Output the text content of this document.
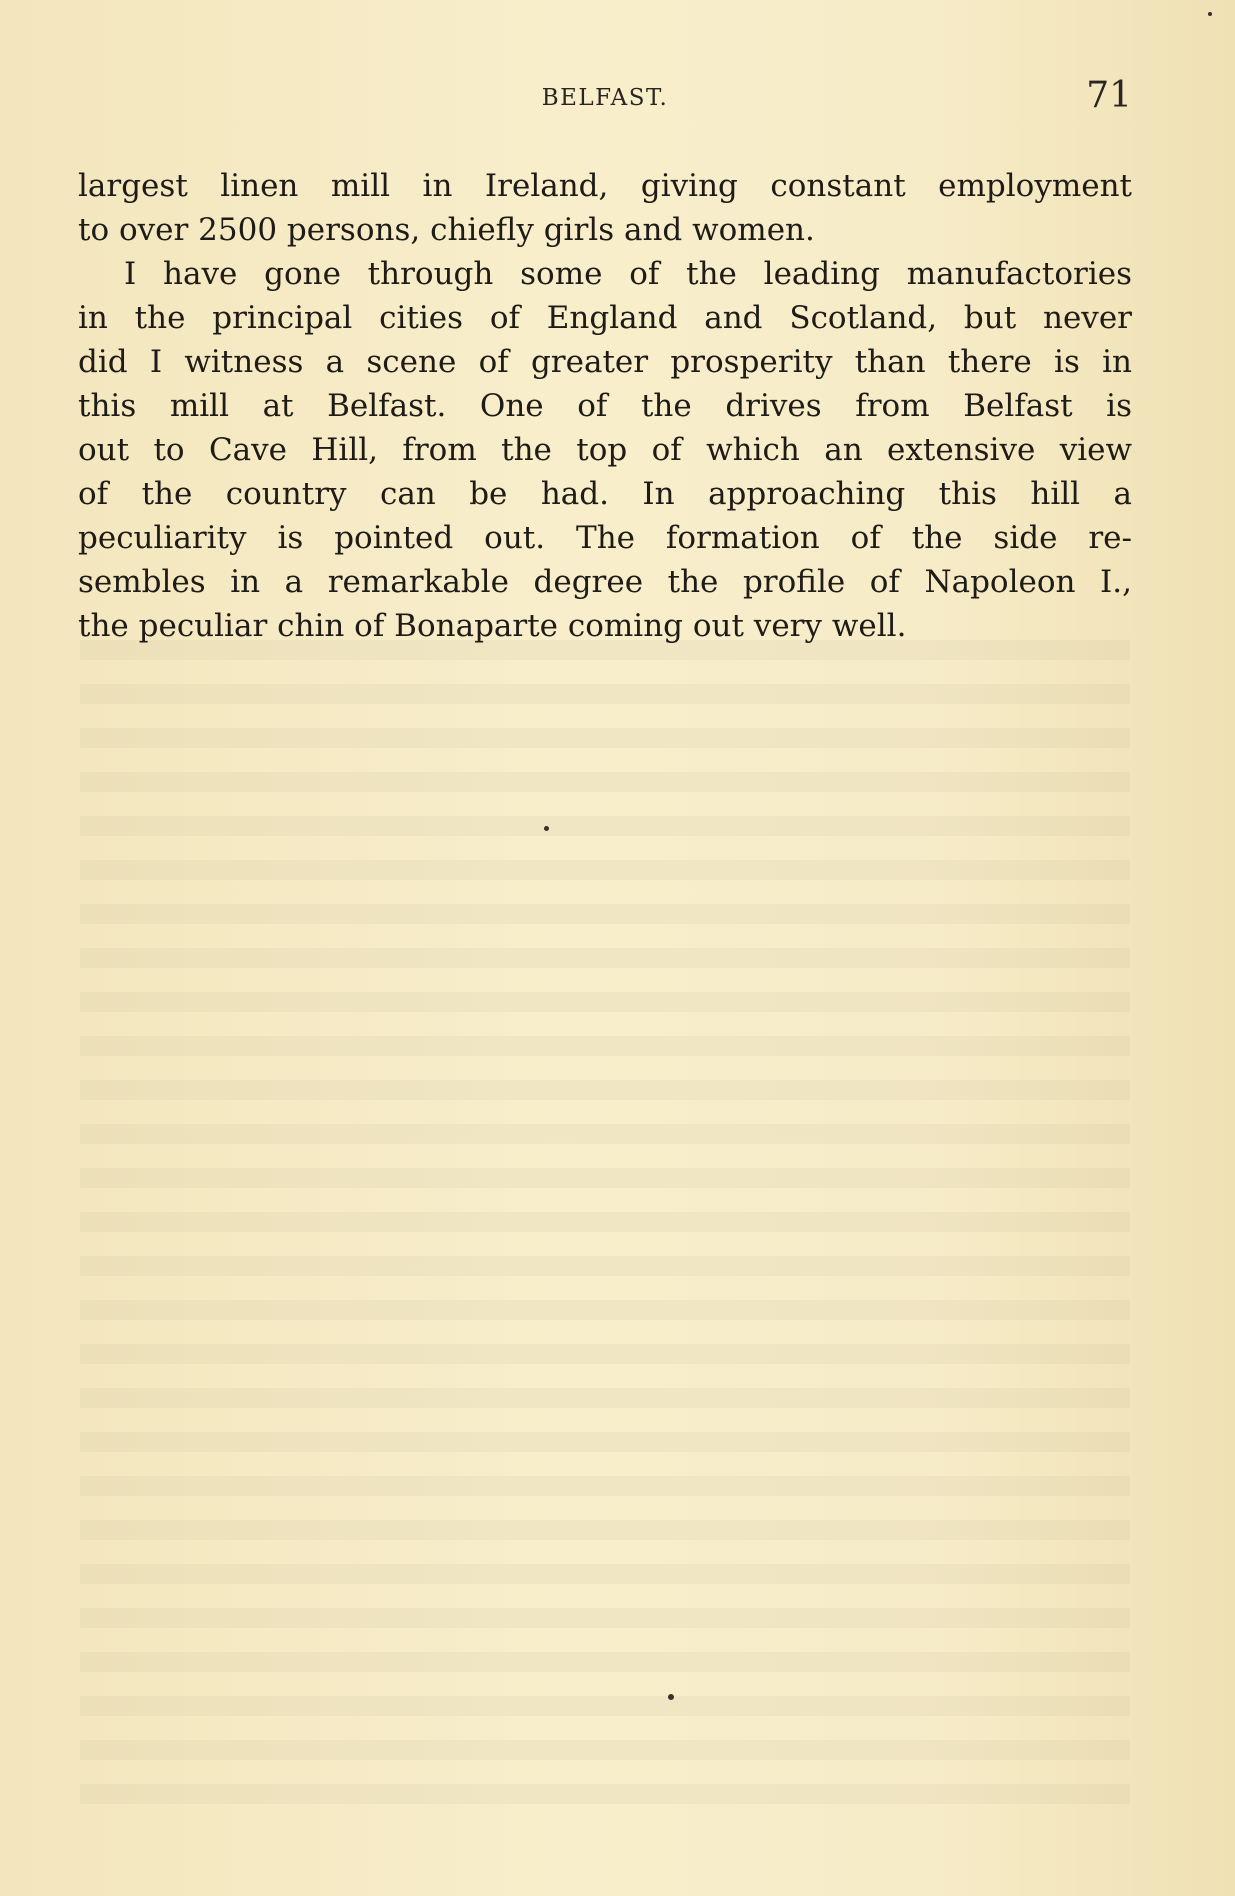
BELFAST.	71
largest linen mill in Ireland, giving constant employment
to over 2500 persons, chiefly girls and women.
I have gone through some of the leading manufactories
in the principal cities of England and Scotland, but never
did I witness a scene of greater prosperity than there is in
this mill at Belfast. One of the drives from Belfast is
out to Cave Hill, from the top of which an extensive view
of the country can be had. In approaching this hill a
peculiarity is pointed out. The formation of the side re-
sembles in a remarkable degree the profile of Napoleon I.,
the peculiar chin of Bonaparte coming out very well.
